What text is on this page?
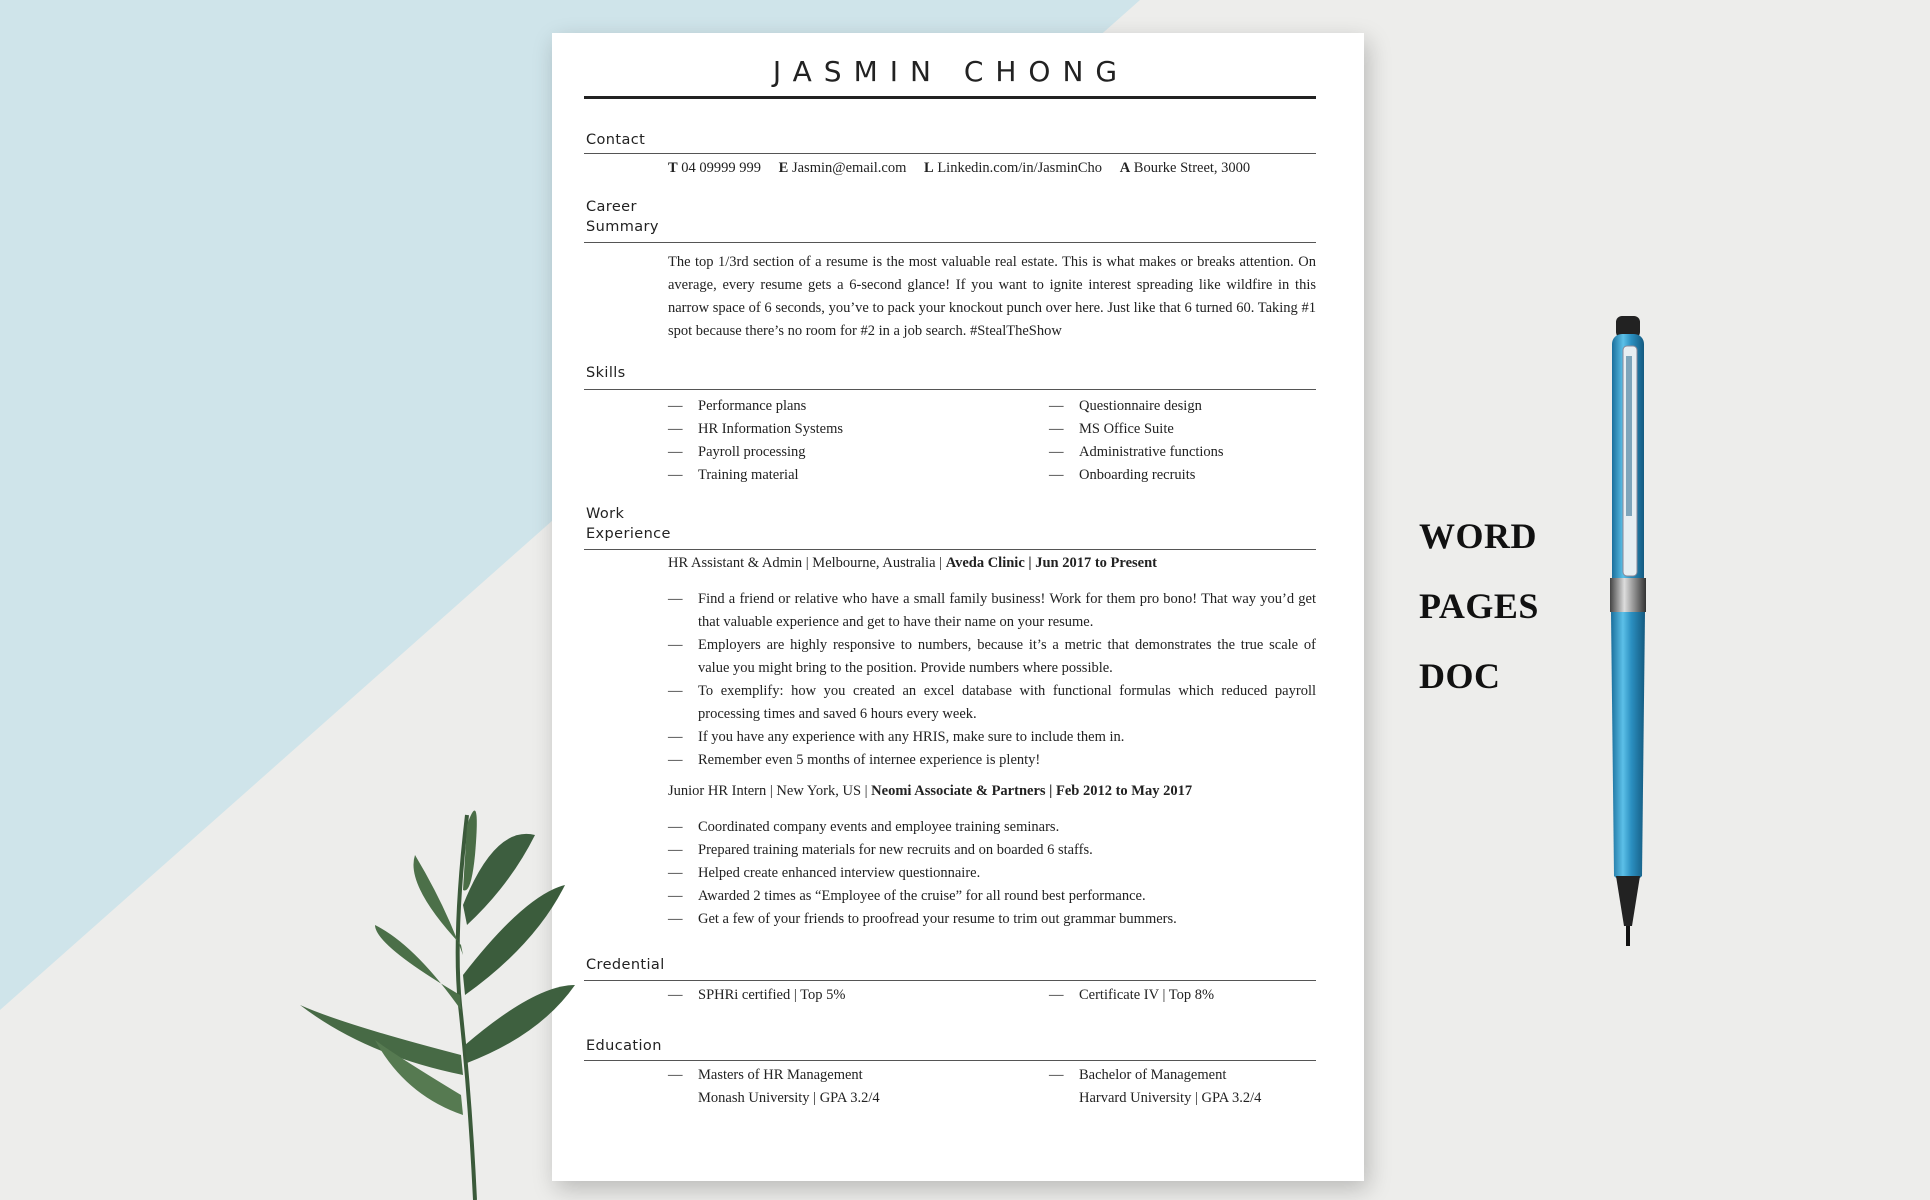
JASMIN CHONG
Contact
T 04 09999 999 E Jasmin@email.com L Linkedin.com/in/JasminCho A Bourke Street, 3000
Career
Summary
The top 1/3rd section of a resume is the most valuable real estate. This is what makes or breaks attention. On average, every resume gets a 6-second glance! If you want to ignite interest spreading like wildfire in this narrow space of 6 seconds, you’ve to pack your knockout punch over here. Just like that 6 turned 60. Taking #1 spot because there’s no room for #2 in a job search. #StealTheShow
Skills
— Performance plans
— HR Information Systems
— Payroll processing
— Training material
— Questionnaire design
— MS Office Suite
— Administrative functions
— Onboarding recruits
Work
Experience
HR Assistant & Admin | Melbourne, Australia | Aveda Clinic | Jun 2017 to Present
— Find a friend or relative who have a small family business! Work for them pro bono! That way you’d get that valuable experience and get to have their name on your resume.
— Employers are highly responsive to numbers, because it’s a metric that demonstrates the true scale of value you might bring to the position. Provide numbers where possible.
— To exemplify: how you created an excel database with functional formulas which reduced payroll processing times and saved 6 hours every week.
— If you have any experience with any HRIS, make sure to include them in.
— Remember even 5 months of internee experience is plenty!
Junior HR Intern | New York, US | Neomi Associate & Partners | Feb 2012 to May 2017
— Coordinated company events and employee training seminars.
— Prepared training materials for new recruits and on boarded 6 staffs.
— Helped create enhanced interview questionnaire.
— Awarded 2 times as “Employee of the cruise” for all round best performance.
— Get a few of your friends to proofread your resume to trim out grammar bummers.
Credential
— SPHRi certified | Top 5%	— Certificate IV | Top 8%
Education
— Masters of HR Management
Monash University | GPA 3.2/4
— Bachelor of Management
Harvard University | GPA 3.2/4
WORD
PAGES
DOC
